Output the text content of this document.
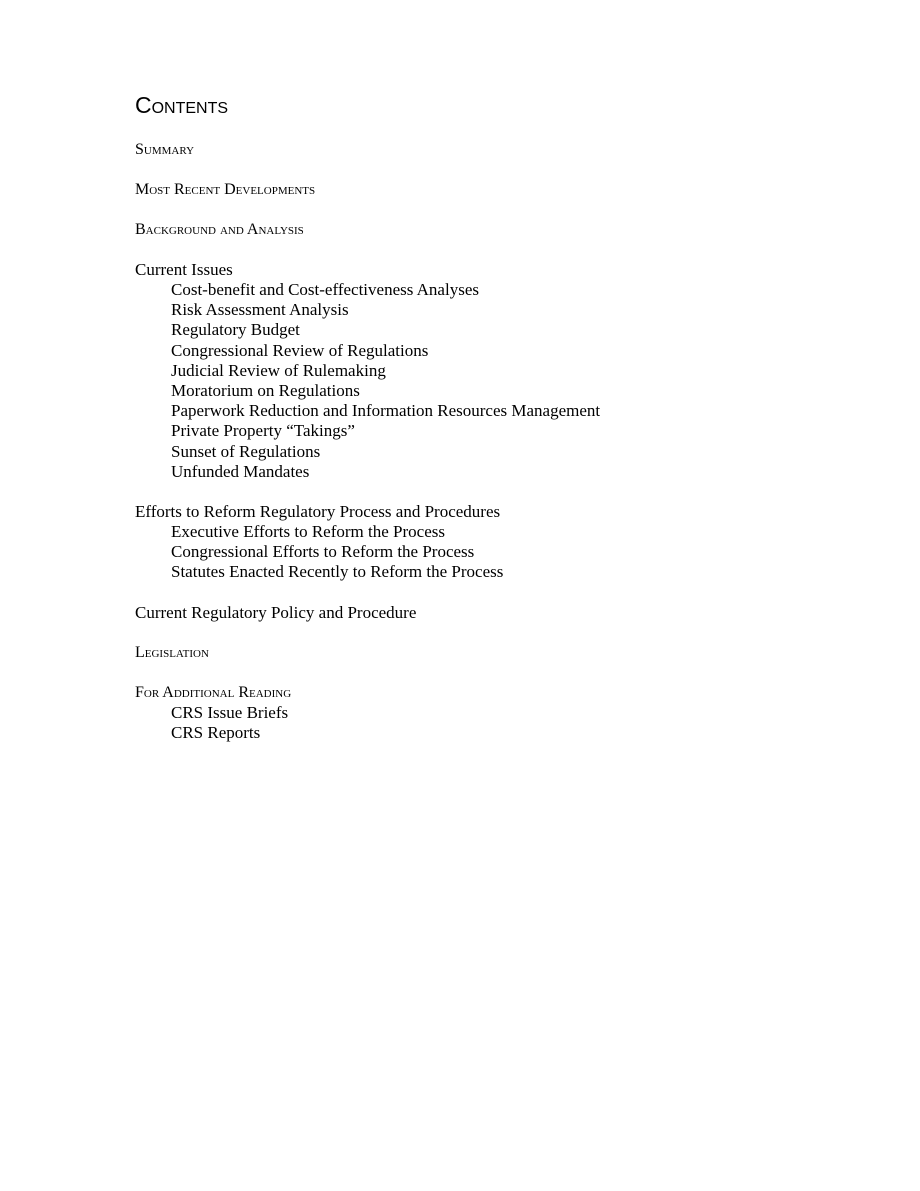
Contents
Summary
Most Recent Developments
Background and Analysis
Current Issues
Cost-benefit and Cost-effectiveness Analyses
Risk Assessment Analysis
Regulatory Budget
Congressional Review of Regulations
Judicial Review of Rulemaking
Moratorium on Regulations
Paperwork Reduction and Information Resources Management
Private Property “Takings”
Sunset of Regulations
Unfunded Mandates
Efforts to Reform Regulatory Process and Procedures
Executive Efforts to Reform the Process
Congressional Efforts to Reform the Process
Statutes Enacted Recently to Reform the Process
Current Regulatory Policy and Procedure
Legislation
For Additional Reading
CRS Issue Briefs
CRS Reports
